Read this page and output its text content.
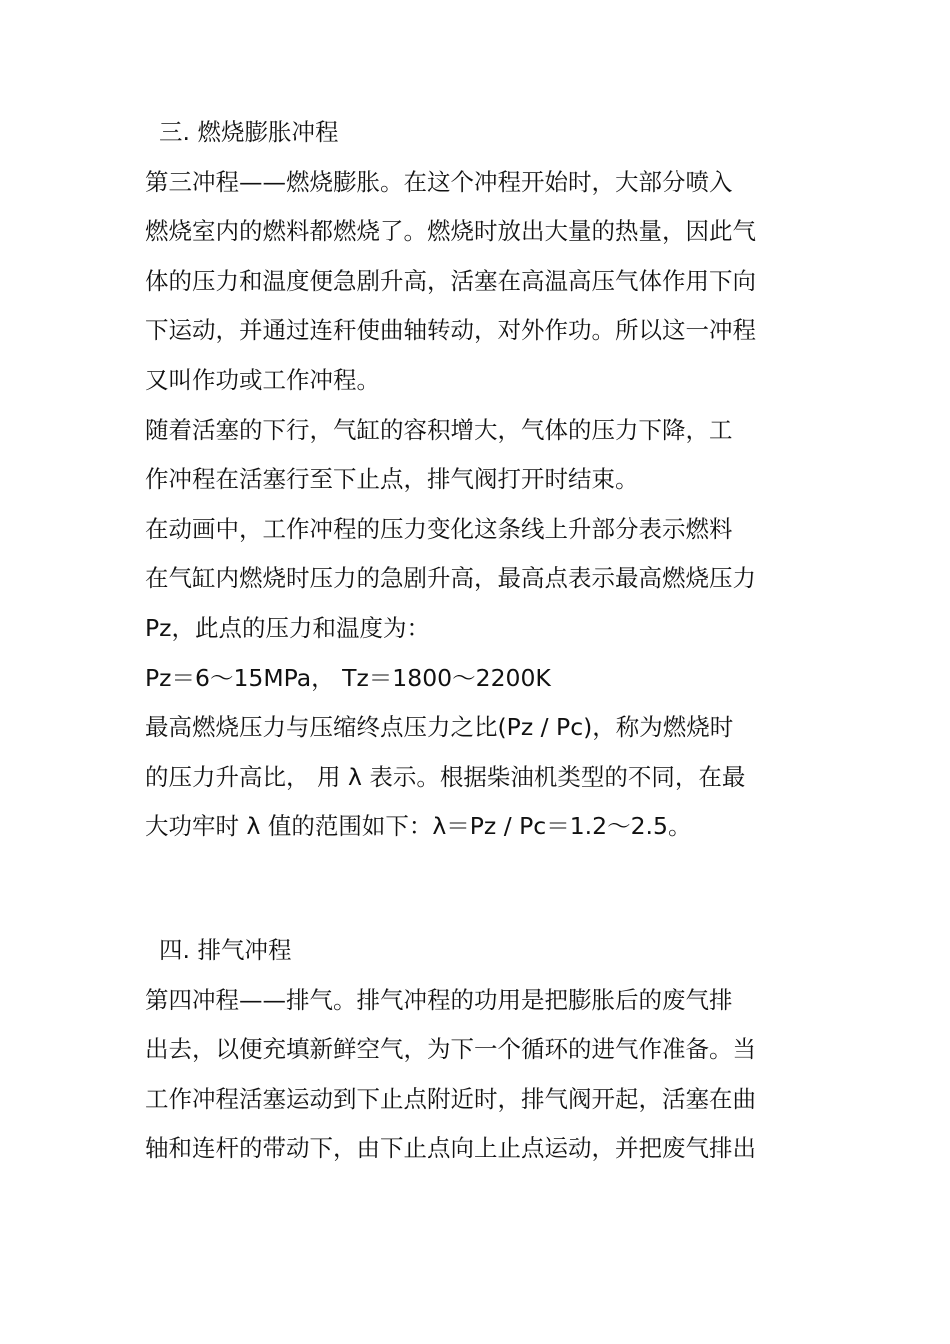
三. 燃烧膨胀冲程
第三冲程——燃烧膨胀。在这个冲程开始时，大部分喷入
燃烧室内的燃料都燃烧了。燃烧时放出大量的热量，因此气
体的压力和温度便急剧升高，活塞在高温高压气体作用下向
下运动，并通过连秆使曲轴转动，对外作功。所以这一冲程
又叫作功或工作冲程。
随着活塞的下行，气缸的容积增大，气体的压力下降，工
作冲程在活塞行至下止点，排气阀打开时结束。
在动画中，工作冲程的压力变化这条线上升部分表示燃料
在气缸内燃烧时压力的急剧升高，最高点表示最高燃烧压力
Pz，此点的压力和温度为：
Pz＝6～15MPa， Tz＝1800～2200K
最高燃烧压力与压缩终点压力之比(Pz / Pc)，称为燃烧时
的压力升高比， 用 λ 表示。根据柴油机类型的不同，在最
大功牢时 λ 值的范围如下：λ＝Pz / Pc＝1.2～2.5。
四. 排气冲程
第四冲程——排气。排气冲程的功用是把膨胀后的废气排
出去，以便充填新鲜空气，为下一个循环的进气作准备。当
工作冲程活塞运动到下止点附近时，排气阀开起，活塞在曲
轴和连杆的带动下，由下止点向上止点运动，并把废气排出
